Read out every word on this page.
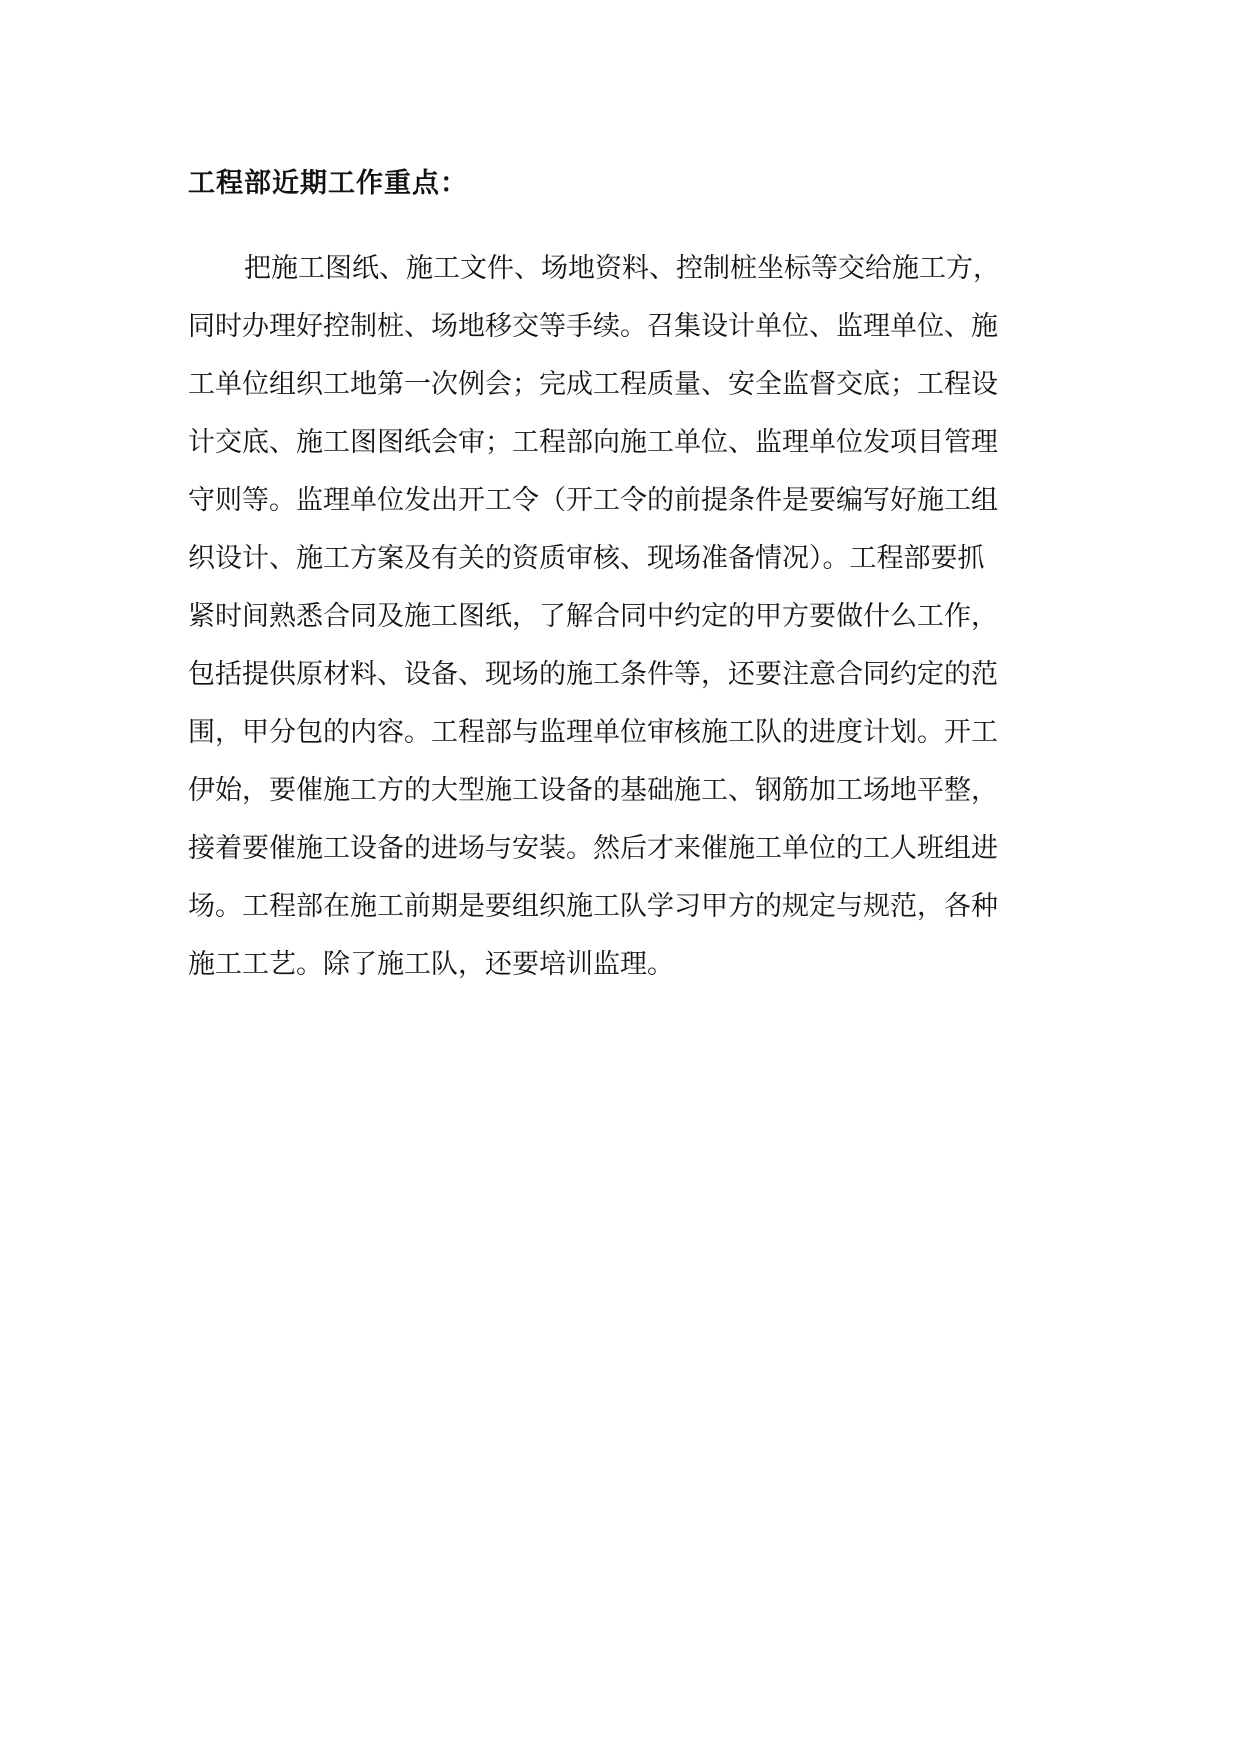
工程部近期工作重点：
把施工图纸、施工文件、场地资料、控制桩坐标等交给施工方，
同时办理好控制桩、场地移交等手续。召集设计单位、监理单位、施
工单位组织工地第一次例会；完成工程质量、安全监督交底；工程设
计交底、施工图图纸会审；工程部向施工单位、监理单位发项目管理
守则等。监理单位发出开工令（开工令的前提条件是要编写好施工组
织设计、施工方案及有关的资质审核、现场准备情况）。工程部要抓
紧时间熟悉合同及施工图纸，了解合同中约定的甲方要做什么工作，
包括提供原材料、设备、现场的施工条件等，还要注意合同约定的范
围，甲分包的内容。工程部与监理单位审核施工队的进度计划。开工
伊始，要催施工方的大型施工设备的基础施工、钢筋加工场地平整，
接着要催施工设备的进场与安装。然后才来催施工单位的工人班组进
场。工程部在施工前期是要组织施工队学习甲方的规定与规范，各种
施工工艺。除了施工队，还要培训监理。
